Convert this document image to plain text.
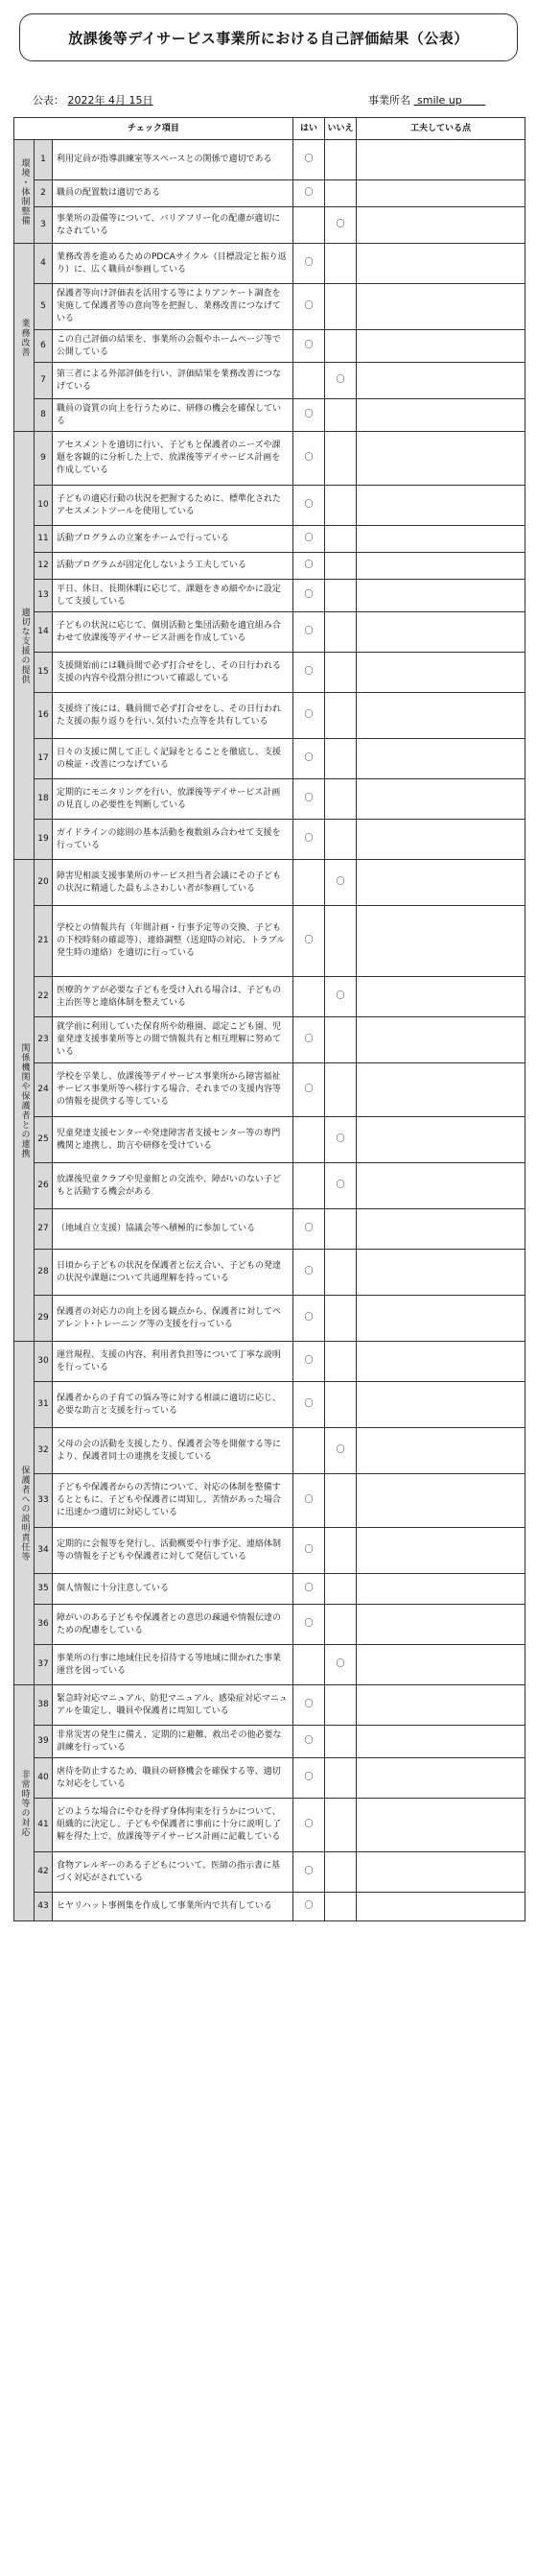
放課後等デイサービス事業所における自己評価結果（公表）
公表： 2022年 4月 15日	事業所名 smile up
チェック項目			はい	いいえ	工夫している点
環境・体制整備	1	利用定員が指導訓練室等スペースとの関係で適切である	〇		
	2	職員の配置数は適切である	〇		
	3	事業所の設備等について、バリアフリー化の配慮が適切になされている		〇	
業務改善	4	業務改善を進めるためのPDCAサイクル（目標設定と振り返り）に、広く職員が参画している	〇		
	5	保護者等向け評価表を活用する等によりアンケート調査を実施して保護者等の意向等を把握し、業務改善につなげている	〇		
	6	この自己評価の結果を、事業所の会報やホームページ等で公開している	〇		
	7	第三者による外部評価を行い、評価結果を業務改善につなげている		〇	
	8	職員の資質の向上を行うために、研修の機会を確保している	〇		
適切な支援の提供	9	アセスメントを適切に行い、子どもと保護者のニーズや課題を客観的に分析した上で、放課後等デイサービス計画を作成している	〇		
	10	子どもの適応行動の状況を把握するために、標準化されたアセスメントツールを使用している	〇		
	11	活動プログラムの立案をチームで行っている	〇		
	12	活動プログラムが固定化しないよう工夫している	〇		
	13	平日、休日、長期休暇に応じて、課題をきめ細やかに設定して支援している	〇		
	14	子どもの状況に応じて、個別活動と集団活動を適宜組み合わせて放課後等デイサービス計画を作成している	〇		
	15	支援開始前には職員間で必ず打合せをし、その日行われる支援の内容や役割分担について確認している	〇		
	16	支援終了後には、職員間で必ず打合せをし、その日行われた支援の振り返りを行い､気付いた点等を共有している	〇		
	17	日々の支援に関して正しく記録をとることを徹底し、支援の検証・改善につなげている	〇		
	18	定期的にモニタリングを行い、放課後等デイサービス計画の見直しの必要性を判断している	〇		
	19	ガイドラインの総則の基本活動を複数組み合わせて支援を行っている	〇		
関係機関や保護者との連携	20	障害児相談支援事業所のサービス担当者会議にその子どもの状況に精通した最もふさわしい者が参画している		〇	
	21	学校との情報共有（年間計画・行事予定等の交換、子どもの下校時刻の確認等）、連絡調整（送迎時の対応、トラブル発生時の連絡）を適切に行っている	〇		
	22	医療的ケアが必要な子どもを受け入れる場合は、子どもの主治医等と連絡体制を整えている		〇	
	23	就学前に利用していた保育所や幼稚園、認定こども園、児童発達支援事業所等との間で情報共有と相互理解に努めている	〇		
	24	学校を卒業し、放課後等デイサービス事業所から障害福祉サービス事業所等へ移行する場合、それまでの支援内容等の情報を提供する等している	〇		
	25	児童発達支援センターや発達障害者支援センター等の専門機関と連携し、助言や研修を受けている		〇	
	26	放課後児童クラブや児童館との交流や、障がいのない子どもと活動する機会がある		〇	
	27	（地域自立支援）協議会等へ積極的に参加している	〇		
	28	日頃から子どもの状況を保護者と伝え合い、子どもの発達の状況や課題について共通理解を持っている	〇		
	29	保護者の対応力の向上を図る観点から、保護者に対してペアレント･トレーニング等の支援を行っている	〇		
保護者への説明責任等	30	運営規程、支援の内容、利用者負担等について丁寧な説明を行っている	〇		
	31	保護者からの子育ての悩み等に対する相談に適切に応じ、必要な助言と支援を行っている	〇		
	32	父母の会の活動を支援したり、保護者会等を開催する等により、保護者同士の連携を支援している		〇	
	33	子どもや保護者からの苦情について、対応の体制を整備するとともに、子どもや保護者に周知し、苦情があった場合に迅速かつ適切に対応している	〇		
	34	定期的に会報等を発行し、活動概要や行事予定、連絡体制等の情報を子どもや保護者に対して発信している	〇		
	35	個人情報に十分注意している	〇		
	36	障がいのある子どもや保護者との意思の疎通や情報伝達のための配慮をしている	〇		
	37	事業所の行事に地域住民を招待する等地域に開かれた事業運営を図っている		〇	
非常時等の対応	38	緊急時対応マニュアル、防犯マニュアル、感染症対応マニュアルを策定し、職員や保護者に周知している	〇		
	39	非常災害の発生に備え、定期的に避難、救出その他必要な訓練を行っている	〇		
	40	虐待を防止するため、職員の研修機会を確保する等、適切な対応をしている	〇		
	41	どのような場合にやむを得ず身体拘束を行うかについて、組織的に決定し、子どもや保護者に事前に十分に説明し了解を得た上で、放課後等デイサービス計画に記載している	〇		
	42	食物アレルギーのある子どもについて、医師の指示書に基づく対応がされている	〇		
	43	ヒヤリハット事例集を作成して事業所内で共有している	〇		
